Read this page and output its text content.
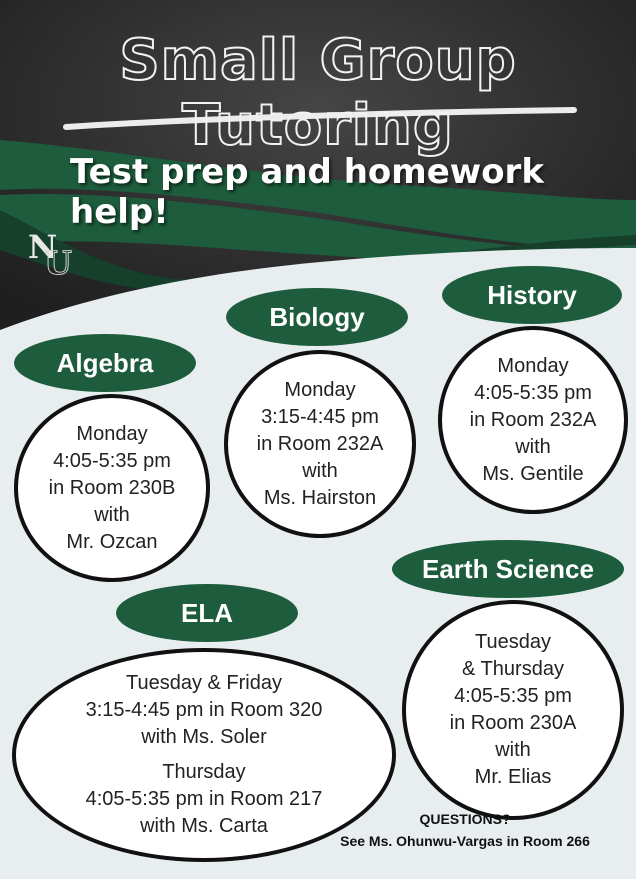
Small Group Tutoring
Test prep and homework help!
N
U
Algebra
Monday
4:05-5:35 pm
in Room 230B
with
Mr. Ozcan
Biology
Monday
3:15-4:45 pm
in Room 232A
with
Ms. Hairston
History
Monday
4:05-5:35 pm
in Room 232A
with
Ms. Gentile
Earth Science
Tuesday
& Thursday
4:05-5:35 pm
in Room 230A
with
Mr. Elias
ELA
Tuesday & Friday
3:15-4:45 pm in Room 320
with Ms. Soler
Thursday
4:05-5:35 pm in Room 217
with Ms. Carta	QUESTIONS?
See Ms. Ohunwu-Vargas in Room 266
